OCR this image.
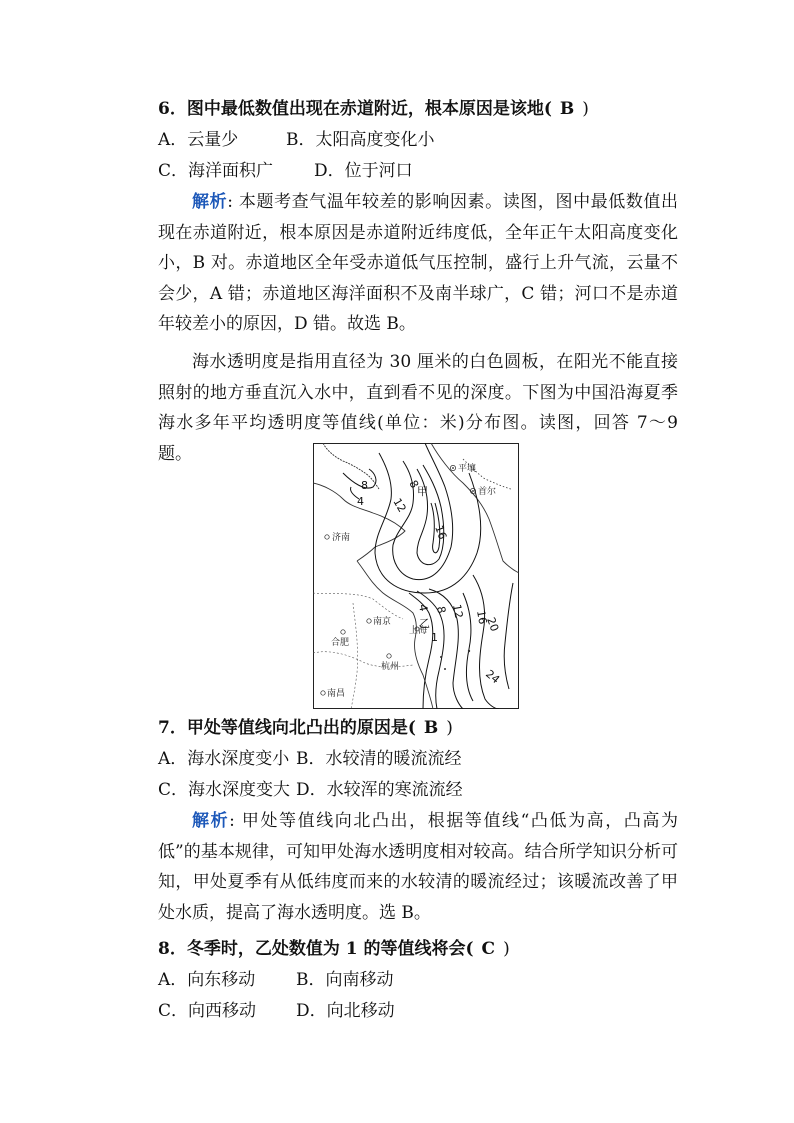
6．图中最低数值出现在赤道附近，根本原因是该地( B )
A．云量少	B．太阳高度变化小
C．海洋面积广 D．位于河口
解析: 本题考查气温年较差的影响因素。读图，图中最低数值出现在赤道附近，根本原因是赤道附近纬度低，全年正午太阳高度变化小，B 对。赤道地区全年受赤道低气压控制，盛行上升气流，云量不会少，A 错；赤道地区海洋面积不及南半球广，C 错；河口不是赤道年较差小的原因，D 错。故选 B。
海水透明度是指用直径为 30 厘米的白色圆板，在阳光不能直接照射的地方垂直沉入水中，直到看不见的深度。下图为中国沿海夏季海水多年平均透明度等值线(单位：米)分布图。读图，回答 7～9 题。
8
4 12
8
16
4 8 12 16
20
24
1
甲
乙
平壤
首尔
济南
南京
合肥
上海
杭州
南昌
7．甲处等值线向北凸出的原因是( B )
A．海水深度变小 B．水较清的暖流流经
C．海水深度变大 D．水较浑的寒流流经
解析: 甲处等值线向北凸出，根据等值线“凸低为高，凸高为低”的基本规律，可知甲处海水透明度相对较高。结合所学知识分析可知，甲处夏季有从低纬度而来的水较清的暖流经过；该暖流改善了甲处水质，提高了海水透明度。选 B。
8．冬季时，乙处数值为 1 的等值线将会( C )
A．向东移动 B．向南移动
C．向西移动 D．向北移动
